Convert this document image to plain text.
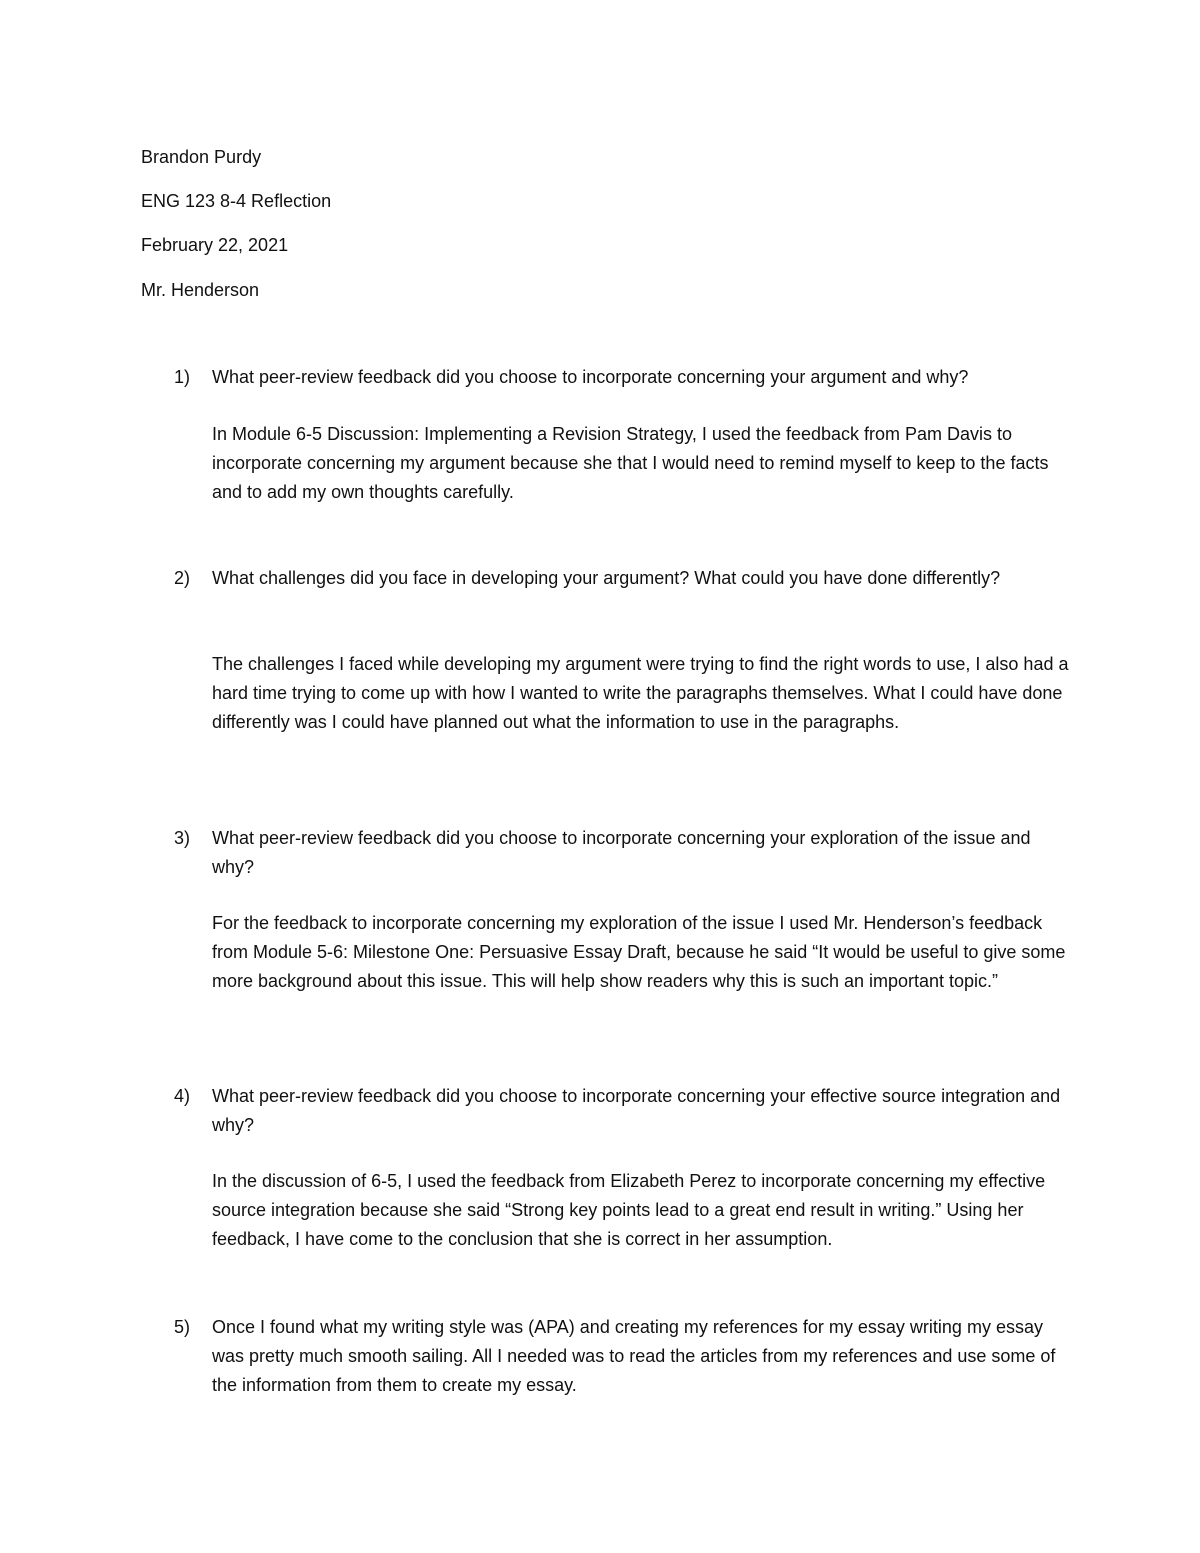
Brandon Purdy
ENG 123 8-4 Reflection
February 22, 2021
Mr. Henderson
1) What peer-review feedback did you choose to incorporate concerning your argument and why?
In Module 6-5 Discussion: Implementing a Revision Strategy, I used the feedback from Pam Davis to incorporate concerning my argument because she that I would need to remind myself to keep to the facts and to add my own thoughts carefully.
2) What challenges did you face in developing your argument? What could you have done differently?
The challenges I faced while developing my argument were trying to find the right words to use, I also had a hard time trying to come up with how I wanted to write the paragraphs themselves. What I could have done differently was I could have planned out what the information to use in the paragraphs.
3) What peer-review feedback did you choose to incorporate concerning your exploration of the issue and why?
For the feedback to incorporate concerning my exploration of the issue I used Mr. Henderson’s feedback from Module 5-6: Milestone One: Persuasive Essay Draft, because he said “It would be useful to give some more background about this issue. This will help show readers why this is such an important topic.”
4) What peer-review feedback did you choose to incorporate concerning your effective source integration and why?
In the discussion of 6-5, I used the feedback from Elizabeth Perez to incorporate concerning my effective source integration because she said “Strong key points lead to a great end result in writing.” Using her feedback, I have come to the conclusion that she is correct in her assumption.
5) Once I found what my writing style was (APA) and creating my references for my essay writing my essay was pretty much smooth sailing. All I needed was to read the articles from my references and use some of the information from them to create my essay.
